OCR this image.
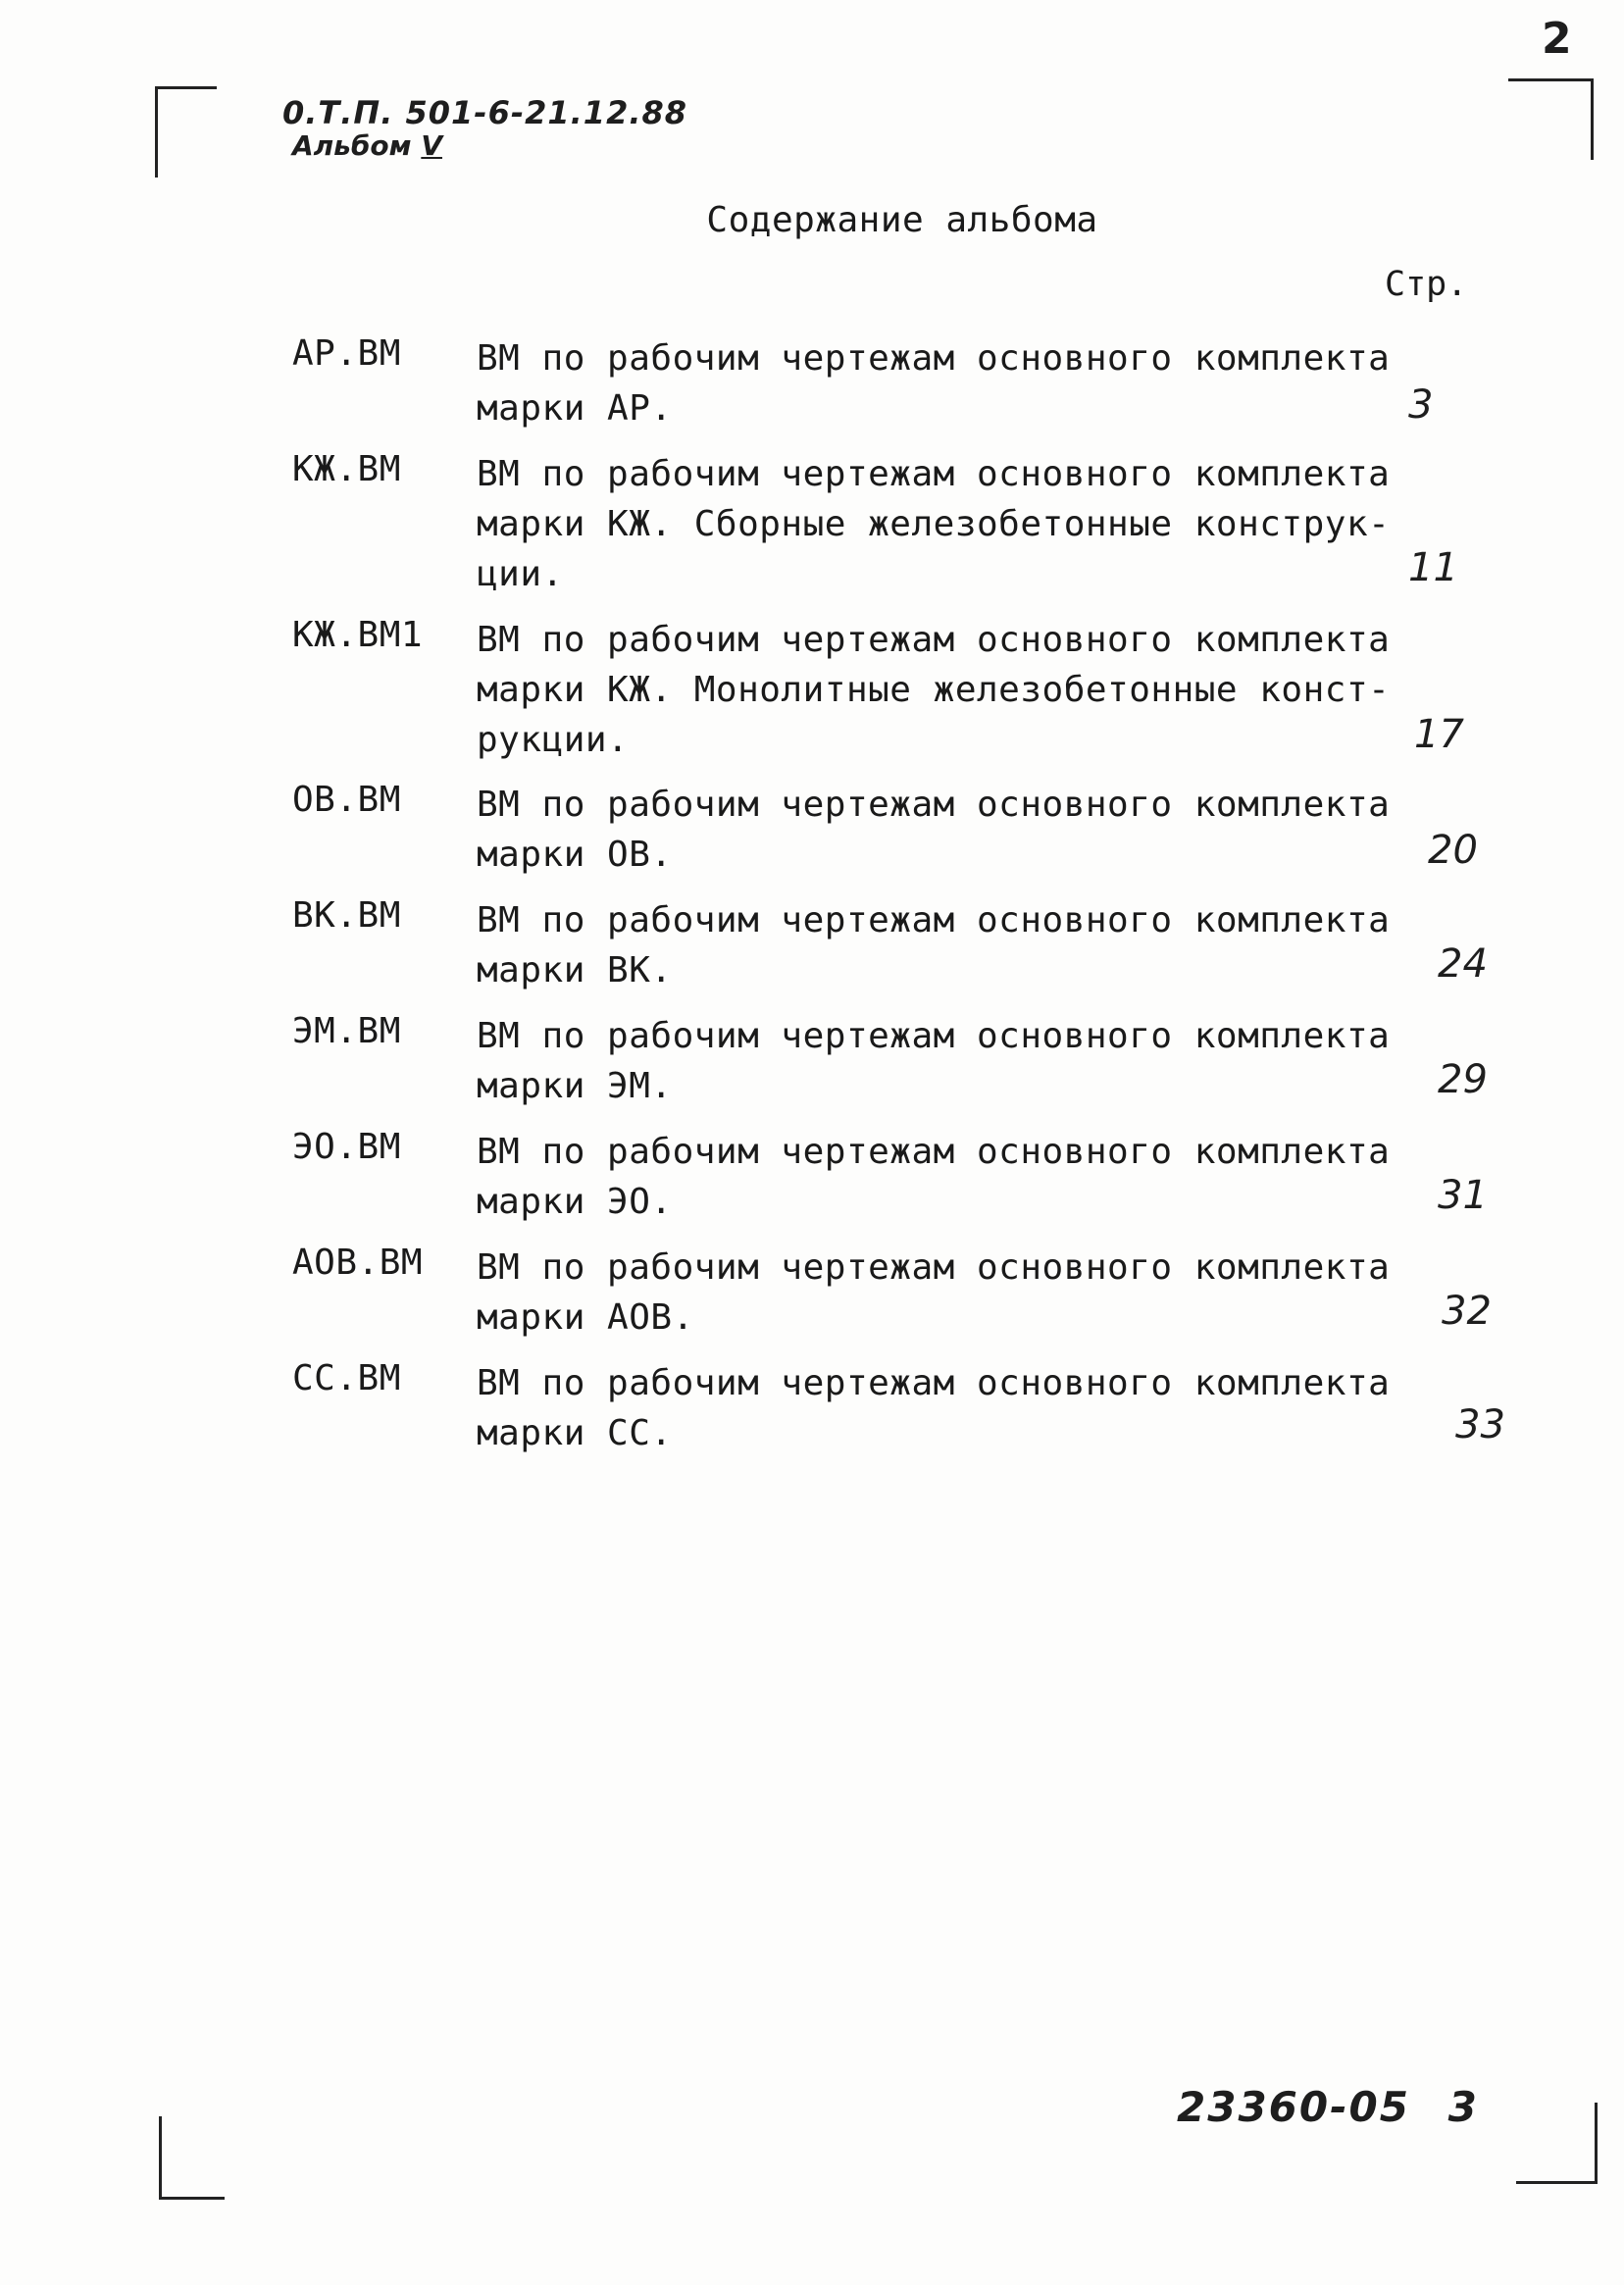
2
0.Т.П. 501-6-21.12.88
Альбом V
Содержание альбома
Стр.
АР.ВМ ВМ по рабочим чертежам основного комплекта
марки АР.	3
КЖ.ВМ ВМ по рабочим чертежам основного комплекта
марки КЖ. Сборные железобетонные конструк-
ции.	11
КЖ.ВМ1 ВМ по рабочим чертежам основного комплекта
марки КЖ. Монолитные железобетонные конст-
рукции.	17
ОВ.ВМ ВМ по рабочим чертежам основного комплекта
марки ОВ.	20
ВК.ВМ ВМ по рабочим чертежам основного комплекта
марки ВК.	24
ЭМ.ВМ ВМ по рабочим чертежам основного комплекта
марки ЭМ.	29
ЭО.ВМ ВМ по рабочим чертежам основного комплекта
марки ЭО.	31
АОВ.ВМ ВМ по рабочим чертежам основного комплекта
марки АОВ.	32
СС.ВМ ВМ по рабочим чертежам основного комплекта
марки СС.	33
23360-05 3
